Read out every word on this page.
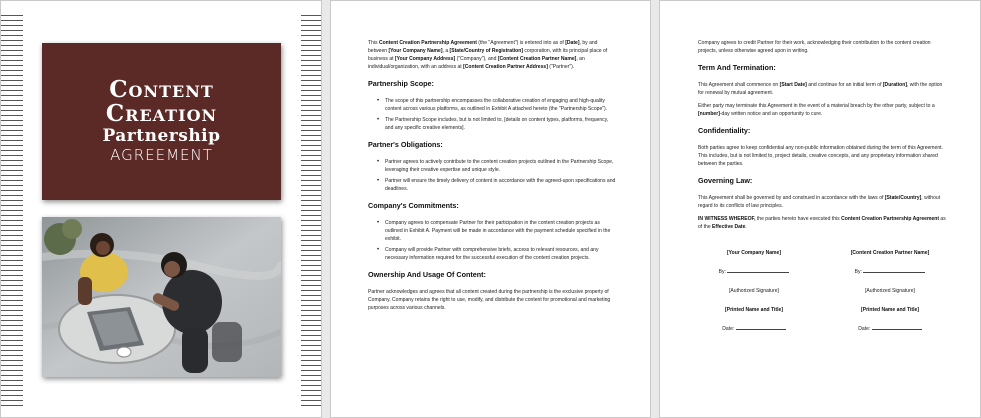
Content
Creation
Partnership
AGREEMENT

This Content Creation Partnership Agreement (the "Agreement") is entered into as of [Date], by and between [Your Company Name], a [State/Country of Registration] corporation, with its principal place of business at [Your Company Address] ("Company"), and [Content Creation Partner Name], an individual/organization, with an address at [Content Creation Partner Address] ("Partner").

Partnership Scope:
• The scope of this partnership encompasses the collaborative creation of engaging and high-quality content across various platforms, as outlined in Exhibit A attached hereto (the "Partnership Scope").
• The Partnership Scope includes, but is not limited to, [details on content types, platforms, frequency, and any specific creative elements].
Partner's Obligations:
• Partner agrees to actively contribute to the content creation projects outlined in the Partnership Scope, leveraging their creative expertise and unique style.
• Partner will ensure the timely delivery of content in accordance with the agreed-upon specifications and deadlines.
Company's Commitments:
• Company agrees to compensate Partner for their participation in the content creation projects as outlined in Exhibit A. Payment will be made in accordance with the payment schedule specified in the exhibit.
• Company will provide Partner with comprehensive briefs, access to relevant resources, and any necessary information required for the successful execution of the content creation projects.
Ownership And Usage Of Content:

Partner acknowledges and agrees that all content created during the partnership is the exclusive property of Company. Company retains the right to use, modify, and distribute the content for promotional and marketing purposes across various channels.

Company agrees to credit Partner for their work, acknowledging their contribution to the content creation projects, unless otherwise agreed upon in writing.

Term And Termination:

This Agreement shall commence on [Start Date] and continue for an initial term of [Duration], with the option for renewal by mutual agreement.

Either party may terminate this Agreement in the event of a material breach by the other party, subject to a [number]-day written notice and an opportunity to cure.

Confidentiality:

Both parties agree to keep confidential any non-public information obtained during the term of this Agreement. This includes, but is not limited to, project details, creative concepts, and any proprietary information shared between the parties.

Governing Law:

This Agreement shall be governed by and construed in accordance with the laws of [State/Country], without regard to its conflicts of law principles.

IN WITNESS WHEREOF, the parties hereto have executed this Content Creation Partnership Agreement as of the Effective Date.

[Your Company Name]
By:
[Authorized Signature]
[Printed Name and Title]
Date:
[Content Creation Partner Name]
By:
[Authorized Signature]
[Printed Name and Title]
Date:
